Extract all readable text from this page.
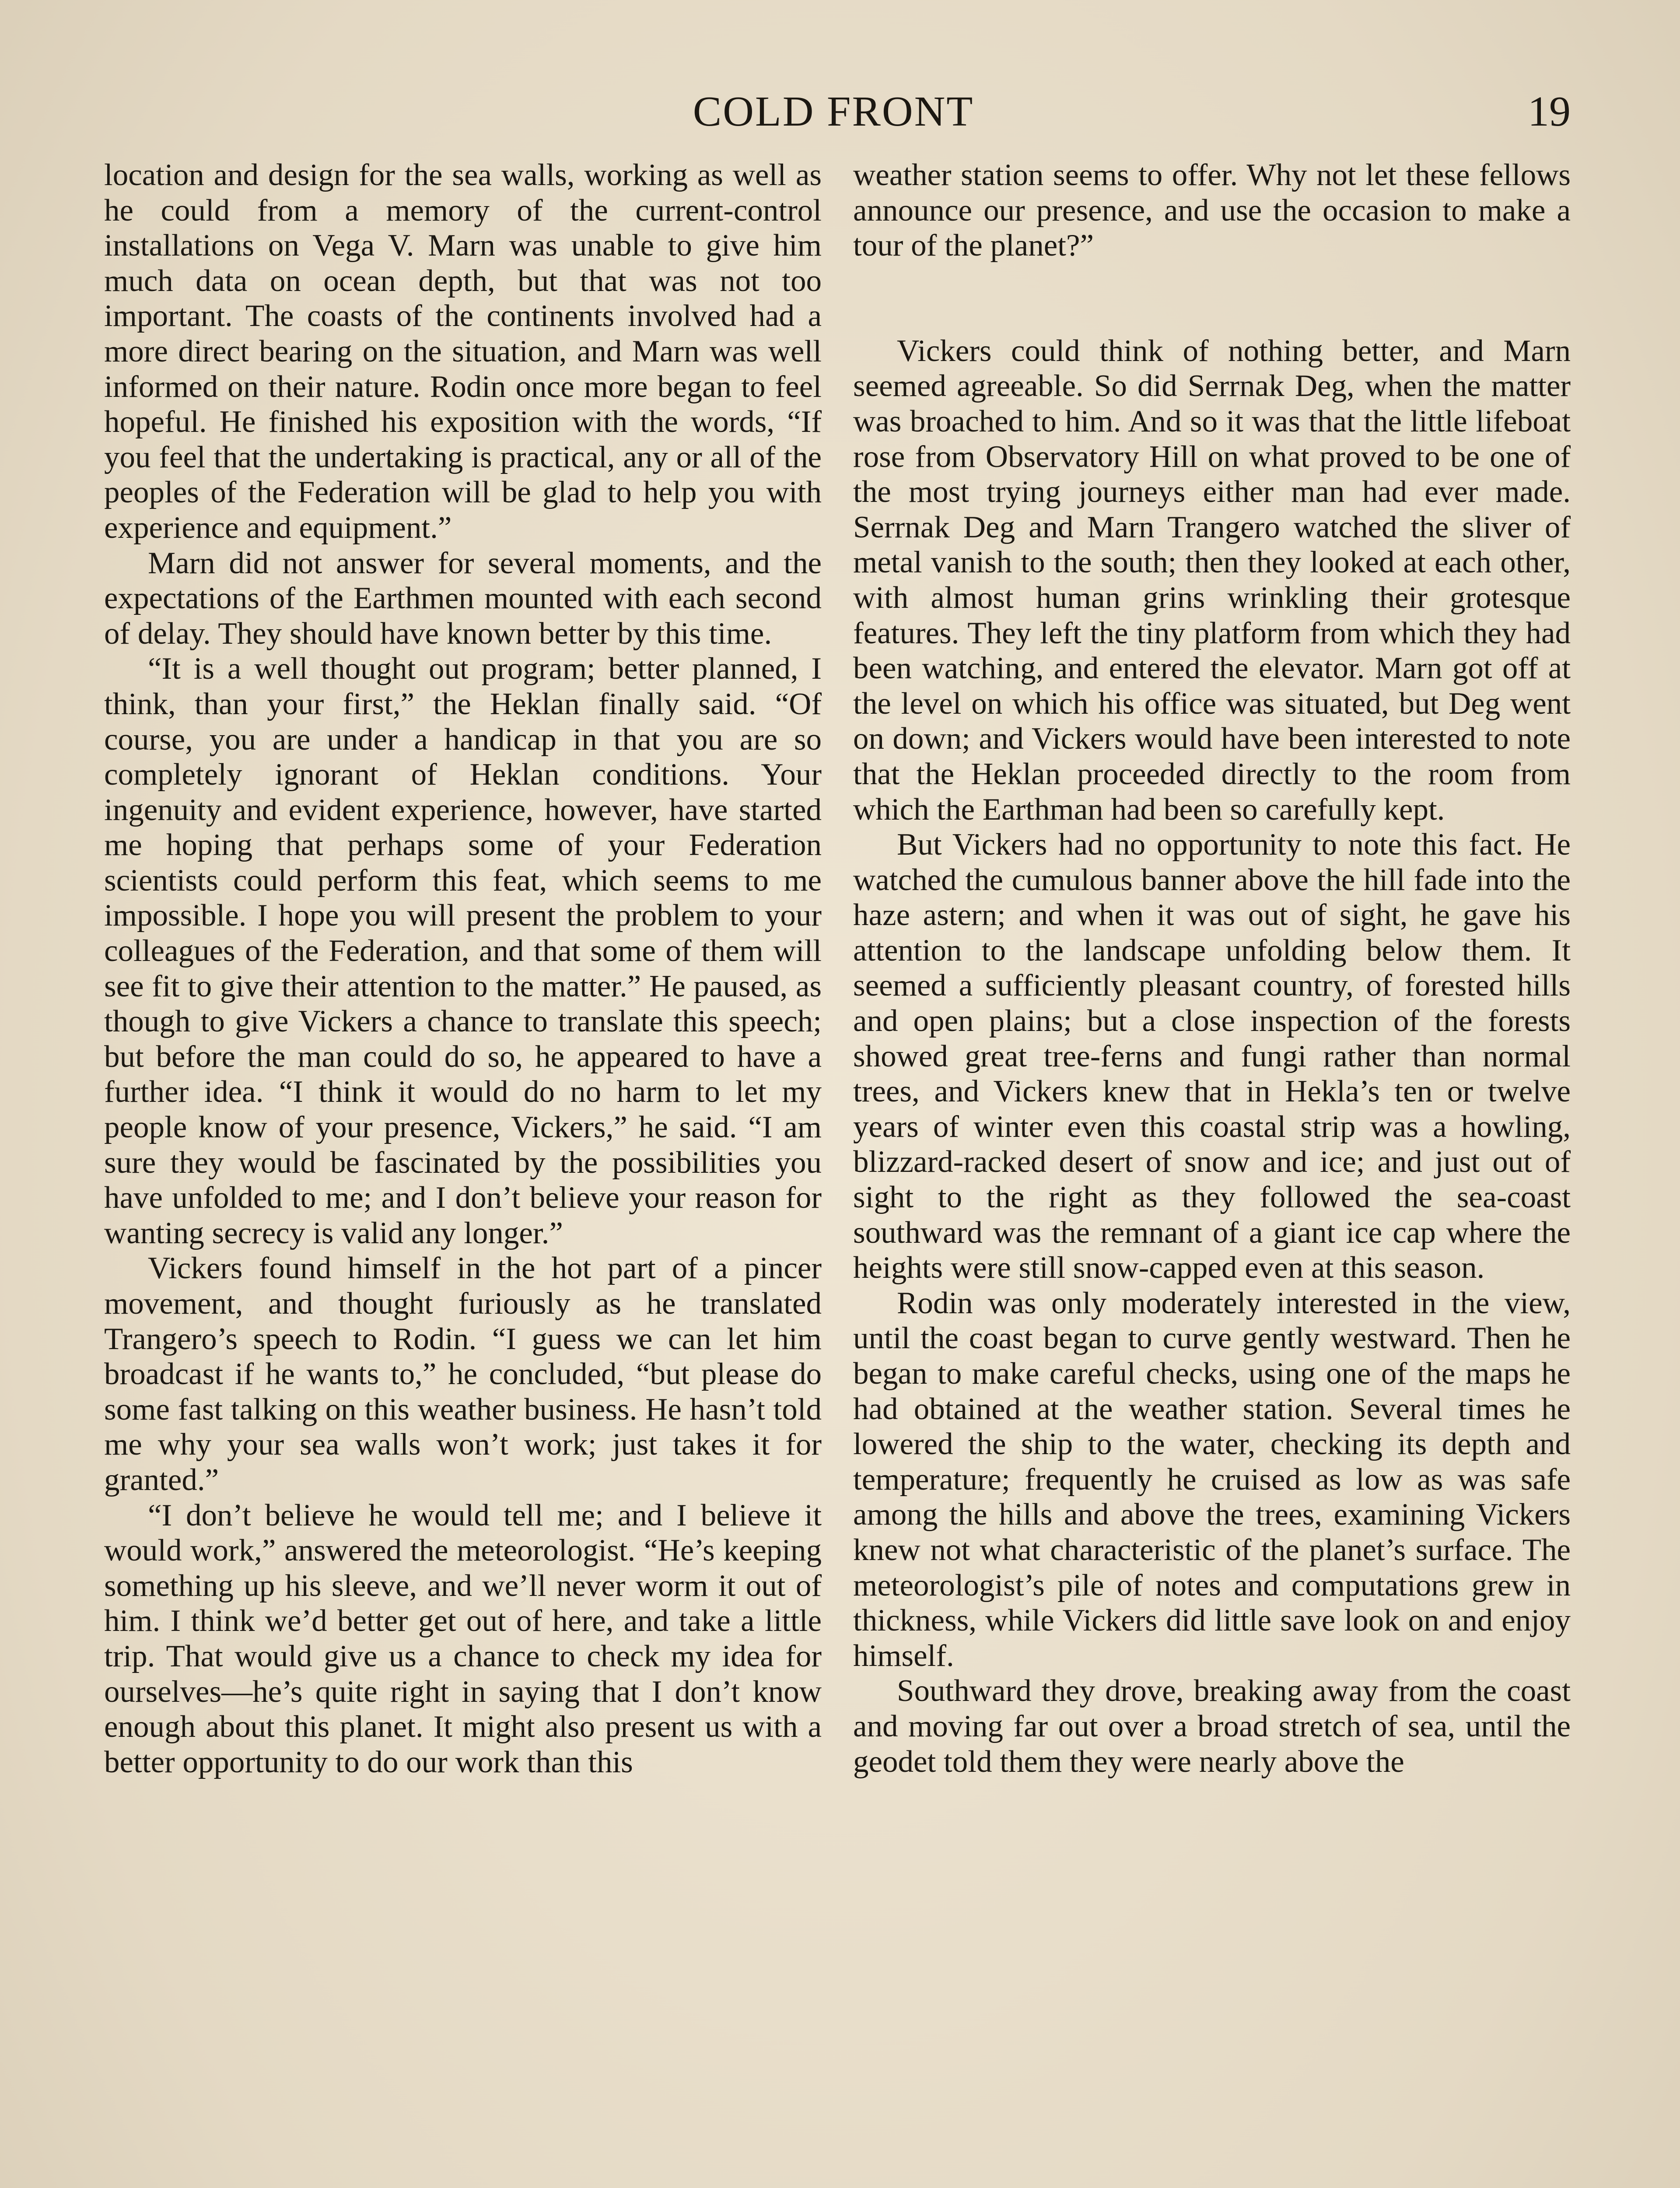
COLD FRONT	19

location and design for the sea walls, working as well as he could from a memory of the current-control installations on Vega V. Marn was unable to give him much data on ocean depth, but that was not too important. The coasts of the continents involved had a more direct bearing on the situation, and Marn was well informed on their nature. Rodin once more began to feel hopeful. He finished his exposition with the words, “If you feel that the undertaking is practical, any or all of the peoples of the Federation will be glad to help you with experience and equipment.”

Marn did not answer for several moments, and the expectations of the Earthmen mounted with each second of delay. They should have known better by this time.

“It is a well thought out program; better planned, I think, than your first,” the Heklan finally said. “Of course, you are under a handicap in that you are so completely ignorant of Heklan conditions. Your ingenuity and evident experience, however, have started me hoping that perhaps some of your Federation scientists could perform this feat, which seems to me impossible. I hope you will present the problem to your colleagues of the Federation, and that some of them will see fit to give their attention to the matter.” He paused, as though to give Vickers a chance to translate this speech; but before the man could do so, he appeared to have a further idea. “I think it would do no harm to let my people know of your presence, Vickers,” he said. “I am sure they would be fascinated by the possibilities you have unfolded to me; and I don’t believe your reason for wanting secrecy is valid any longer.”

Vickers found himself in the hot part of a pincer movement, and thought furiously as he translated Trangero’s speech to Rodin. “I guess we can let him broadcast if he wants to,” he concluded, “but please do some fast talking on this weather business. He hasn’t told me why your sea walls won’t work; just takes it for granted.”

“I don’t believe he would tell me; and I believe it would work,” answered the meteorologist. “He’s keeping something up his sleeve, and we’ll never worm it out of him. I think we’d better get out of here, and take a little trip. That would give us a chance to check my idea for ourselves—he’s quite right in saying that I don’t know enough about this planet. It might also present us with a better opportunity to do our work than this

weather station seems to offer. Why not let these fellows announce our presence, and use the occasion to make a tour of the planet?”

Vickers could think of nothing better, and Marn seemed agreeable. So did Serrnak Deg, when the matter was broached to him. And so it was that the little lifeboat rose from Observatory Hill on what proved to be one of the most trying journeys either man had ever made. Serrnak Deg and Marn Trangero watched the sliver of metal vanish to the south; then they looked at each other, with almost human grins wrinkling their grotesque features. They left the tiny platform from which they had been watching, and entered the elevator. Marn got off at the level on which his office was situated, but Deg went on down; and Vickers would have been interested to note that the Heklan proceeded directly to the room from which the Earthman had been so carefully kept.

But Vickers had no opportunity to note this fact. He watched the cumulous banner above the hill fade into the haze astern; and when it was out of sight, he gave his attention to the landscape unfolding below them. It seemed a sufficiently pleasant country, of forested hills and open plains; but a close inspection of the forests showed great tree-ferns and fungi rather than normal trees, and Vickers knew that in Hekla’s ten or twelve years of winter even this coastal strip was a howling, blizzard-racked desert of snow and ice; and just out of sight to the right as they followed the sea-coast southward was the remnant of a giant ice cap where the heights were still snow-capped even at this season.

Rodin was only moderately interested in the view, until the coast began to curve gently westward. Then he began to make careful checks, using one of the maps he had obtained at the weather station. Several times he lowered the ship to the water, checking its depth and temperature; frequently he cruised as low as was safe among the hills and above the trees, examining Vickers knew not what characteristic of the planet’s surface. The meteorologist’s pile of notes and computations grew in thickness, while Vickers did little save look on and enjoy himself.

Southward they drove, breaking away from the coast and moving far out over a broad stretch of sea, until the geodet told them they were nearly above the
